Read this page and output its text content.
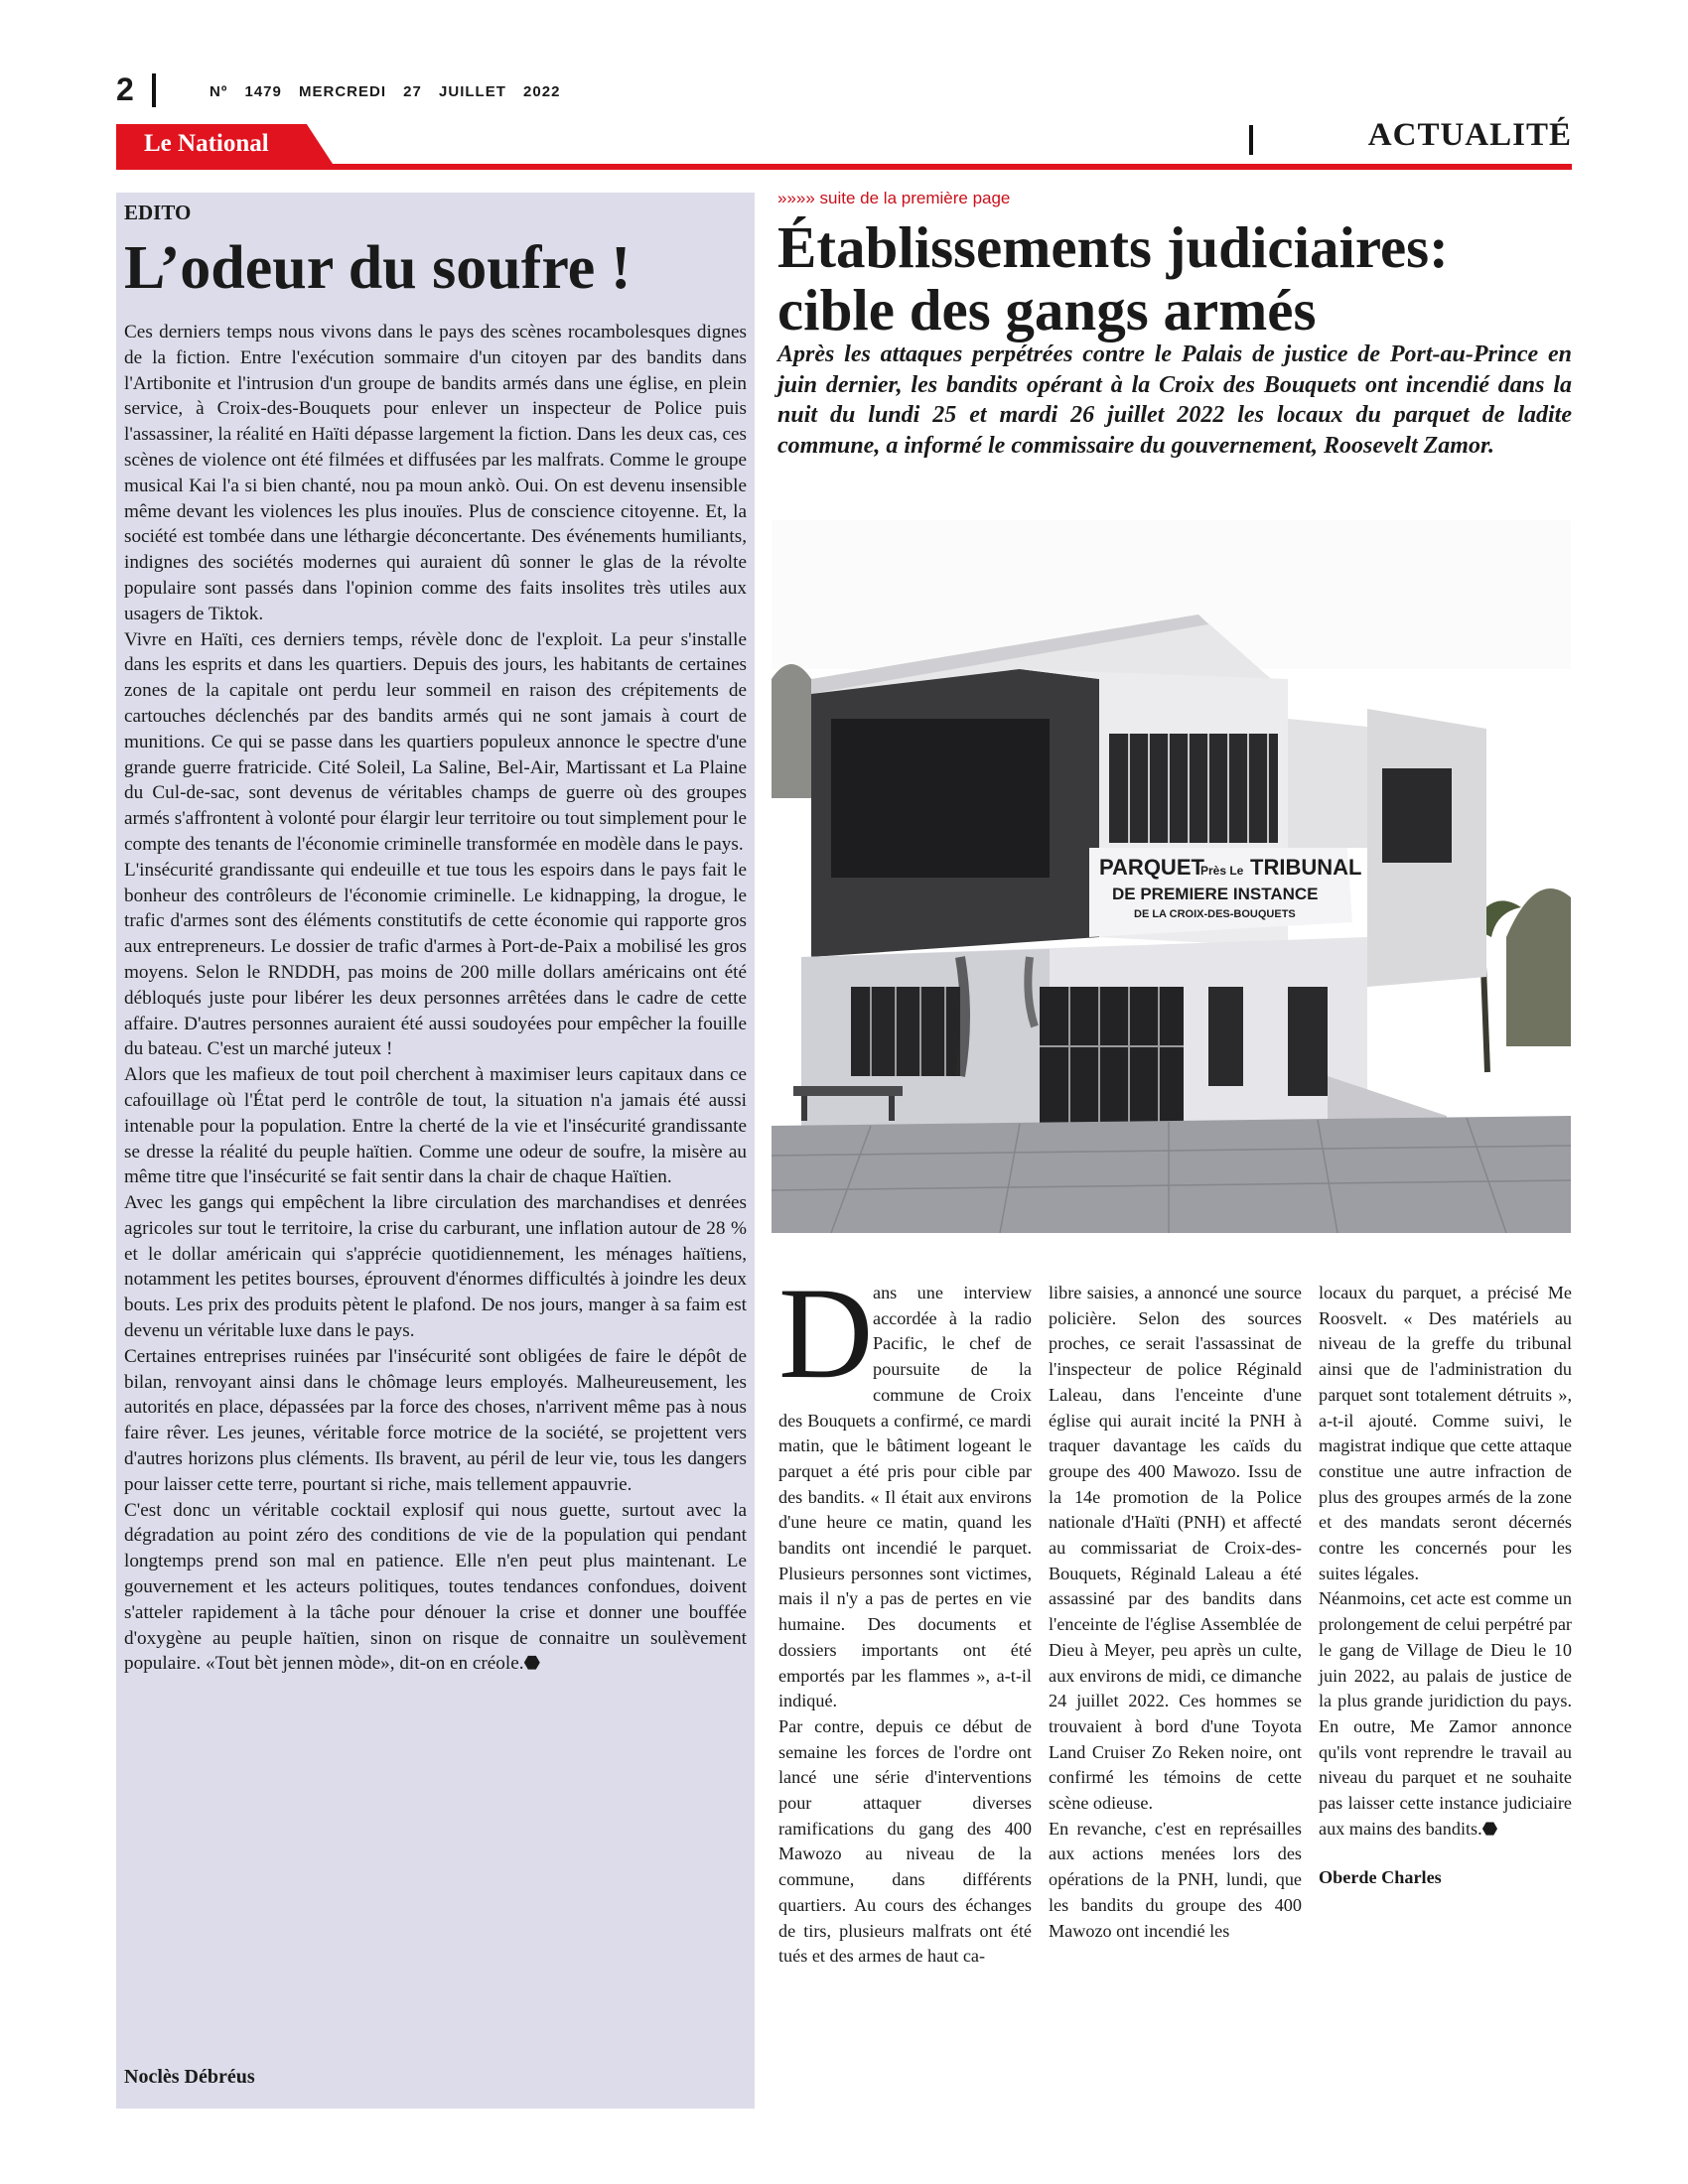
2	Nº 1479 MERCREDI 27 JUILLET 2022
Le National	ACTUALITÉ
EDITO
L’odeur du soufre !

Ces derniers temps nous vivons dans le pays des scènes rocambolesques dignes de la fiction. Entre l'exécution sommaire d'un citoyen par des bandits dans l'Artibonite et l'intrusion d'un groupe de bandits armés dans une église, en plein service, à Croix-des-Bouquets pour enlever un inspecteur de Police puis l'assassiner, la réalité en Haïti dépasse largement la fiction. Dans les deux cas, ces scènes de violence ont été filmées et diffusées par les malfrats. Comme le groupe musical Kai l'a si bien chanté, nou pa moun ankò. Oui. On est devenu insensible même devant les violences les plus inouïes. Plus de conscience citoyenne. Et, la société est tombée dans une léthargie déconcertante. Des événements humiliants, indignes des sociétés modernes qui auraient dû sonner le glas de la révolte populaire sont passés dans l'opinion comme des faits insolites très utiles aux usagers de Tiktok.

Vivre en Haïti, ces derniers temps, révèle donc de l'exploit. La peur s'installe dans les esprits et dans les quartiers. Depuis des jours, les habitants de certaines zones de la capitale ont perdu leur sommeil en raison des crépitements de cartouches déclenchés par des bandits armés qui ne sont jamais à court de munitions. Ce qui se passe dans les quartiers populeux annonce le spectre d'une grande guerre fratricide. Cité Soleil, La Saline, Bel-Air, Martissant et La Plaine du Cul-de-sac, sont devenus de véritables champs de guerre où des groupes armés s'affrontent à volonté pour élargir leur territoire ou tout simplement pour le compte des tenants de l'économie criminelle transformée en modèle dans le pays.

L'insécurité grandissante qui endeuille et tue tous les espoirs dans le pays fait le bonheur des contrôleurs de l'économie criminelle. Le kidnapping, la drogue, le trafic d'armes sont des éléments constitutifs de cette économie qui rapporte gros aux entrepreneurs. Le dossier de trafic d'armes à Port-de-Paix a mobilisé les gros moyens. Selon le RNDDH, pas moins de 200 mille dollars américains ont été débloqués juste pour libérer les deux personnes arrêtées dans le cadre de cette affaire. D'autres personnes auraient été aussi soudoyées pour empêcher la fouille du bateau. C'est un marché juteux !

Alors que les mafieux de tout poil cherchent à maximiser leurs capitaux dans ce cafouillage où l'État perd le contrôle de tout, la situation n'a jamais été aussi intenable pour la population. Entre la cherté de la vie et l'insécurité grandissante se dresse la réalité du peuple haïtien. Comme une odeur de soufre, la misère au même titre que l'insécurité se fait sentir dans la chair de chaque Haïtien.

Avec les gangs qui empêchent la libre circulation des marchandises et denrées agricoles sur tout le territoire, la crise du carburant, une inflation autour de 28 % et le dollar américain qui s'apprécie quotidiennement, les ménages haïtiens, notamment les petites bourses, éprouvent d'énormes difficultés à joindre les deux bouts. Les prix des produits pètent le plafond. De nos jours, manger à sa faim est devenu un véritable luxe dans le pays.

Certaines entreprises ruinées par l'insécurité sont obligées de faire le dépôt de bilan, renvoyant ainsi dans le chômage leurs employés. Malheureusement, les autorités en place, dépassées par la force des choses, n'arrivent même pas à nous faire rêver. Les jeunes, véritable force motrice de la société, se projettent vers d'autres horizons plus cléments. Ils bravent, au péril de leur vie, tous les dangers pour laisser cette terre, pourtant si riche, mais tellement appauvrie.

C'est donc un véritable cocktail explosif qui nous guette, surtout avec la dégradation au point zéro des conditions de vie de la population qui pendant longtemps prend son mal en patience. Elle n'en peut plus maintenant. Le gouvernement et les acteurs politiques, toutes tendances confondues, doivent s'atteler rapidement à la tâche pour dénouer la crise et donner une bouffée d'oxygène au peuple haïtien, sinon on risque de connaitre un soulèvement populaire. «Tout bèt jennen mòde», dit-on en créole.⬣

Noclès Débréus
»»»» suite de la première page
Établissements judiciaires: cible des gangs armés
Après les attaques perpétrées contre le Palais de justice de Port-au-Prince en juin dernier, les bandits opérant à la Croix des Bouquets ont incendié dans la nuit du lundi 25 et mardi 26 juillet 2022 les locaux du parquet de ladite commune, a informé le commissaire du gouvernement, Roosevelt Zamor.
PARQUET
Près Le TRIBUNAL
DE PREMIERE INSTANCE
DE LA CROIX-DES-BOUQUETS
D ans une interview accordée à la radio Pacific, le chef de poursuite de la commune de Croix des Bouquets a confirmé, ce mardi matin, que le bâtiment logeant le parquet a été pris pour cible par des bandits. « Il était aux environs d'une heure ce matin, quand les bandits ont incendié le parquet. Plusieurs personnes sont victimes, mais il n'y a pas de pertes en vie humaine. Des documents et dossiers importants ont été emportés par les flammes », a-t-il indiqué.

Par contre, depuis ce début de semaine les forces de l'ordre ont lancé une série d'interventions pour attaquer diverses ramifications du gang des 400 Mawozo au niveau de la commune, dans différents quartiers. Au cours des échanges de tirs, plusieurs malfrats ont été tués et des armes de haut ca-

libre saisies, a annoncé une source policière. Selon des sources proches, ce serait l'assassinat de l'inspecteur de police Réginald Laleau, dans l'enceinte d'une église qui aurait incité la PNH à traquer davantage les caïds du groupe des 400 Mawozo. Issu de la 14e promotion de la Police nationale d'Haïti (PNH) et affecté au commissariat de Croix-des-Bouquets, Réginald Laleau a été assassiné par des bandits dans l'enceinte de l'église Assemblée de Dieu à Meyer, peu après un culte, aux environs de midi, ce dimanche 24 juillet 2022. Ces hommes se trouvaient à bord d'une Toyota Land Cruiser Zo Reken noire, ont confirmé les témoins de cette scène odieuse.

En revanche, c'est en représailles aux actions menées lors des opérations de la PNH, lundi, que les bandits du groupe des 400 Mawozo ont incendié les

locaux du parquet, a précisé Me Roosvelt. « Des matériels au niveau de la greffe du tribunal ainsi que de l'administration du parquet sont totalement détruits », a-t-il ajouté. Comme suivi, le magistrat indique que cette attaque constitue une autre infraction de plus des groupes armés de la zone et des mandats seront décernés contre les concernés pour les suites légales.

Néanmoins, cet acte est comme un prolongement de celui perpétré par le gang de Village de Dieu le 10 juin 2022, au palais de justice de la plus grande juridiction du pays. En outre, Me Zamor annonce qu'ils vont reprendre le travail au niveau du parquet et ne souhaite pas laisser cette instance judiciaire aux mains des bandits.⬣

Oberde Charles
